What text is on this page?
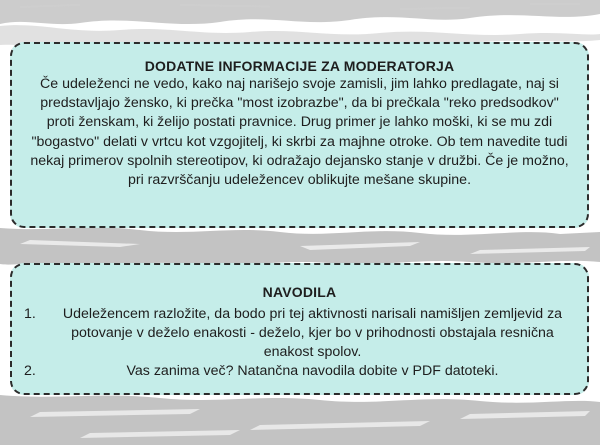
DODATNE INFORMACIJE ZA MODERATORJA
Če udeleženci ne vedo, kako naj narišejo svoje zamisli, jim lahko predlagate, naj si predstavljajo žensko, ki prečka "most izobrazbe", da bi prečkala "reko predsodkov" proti ženskam, ki želijo postati pravnice. Drug primer je lahko moški, ki se mu zdi "bogastvo" delati v vrtcu kot vzgojitelj, ki skrbi za majhne otroke. Ob tem navedite tudi nekaj primerov spolnih stereotipov, ki odražajo dejansko stanje v družbi. Če je možno, pri razvrščanju udeležencev oblikujte mešane skupine.
NAVODILA
1. Udeležencem razložite, da bodo pri tej aktivnosti narisali namišljen zemljevid za potovanje v deželo enakosti - deželo, kjer bo v prihodnosti obstajala resnična enakost spolov.
2.	Vas zanima več? Natančna navodila dobite v PDF datoteki.
